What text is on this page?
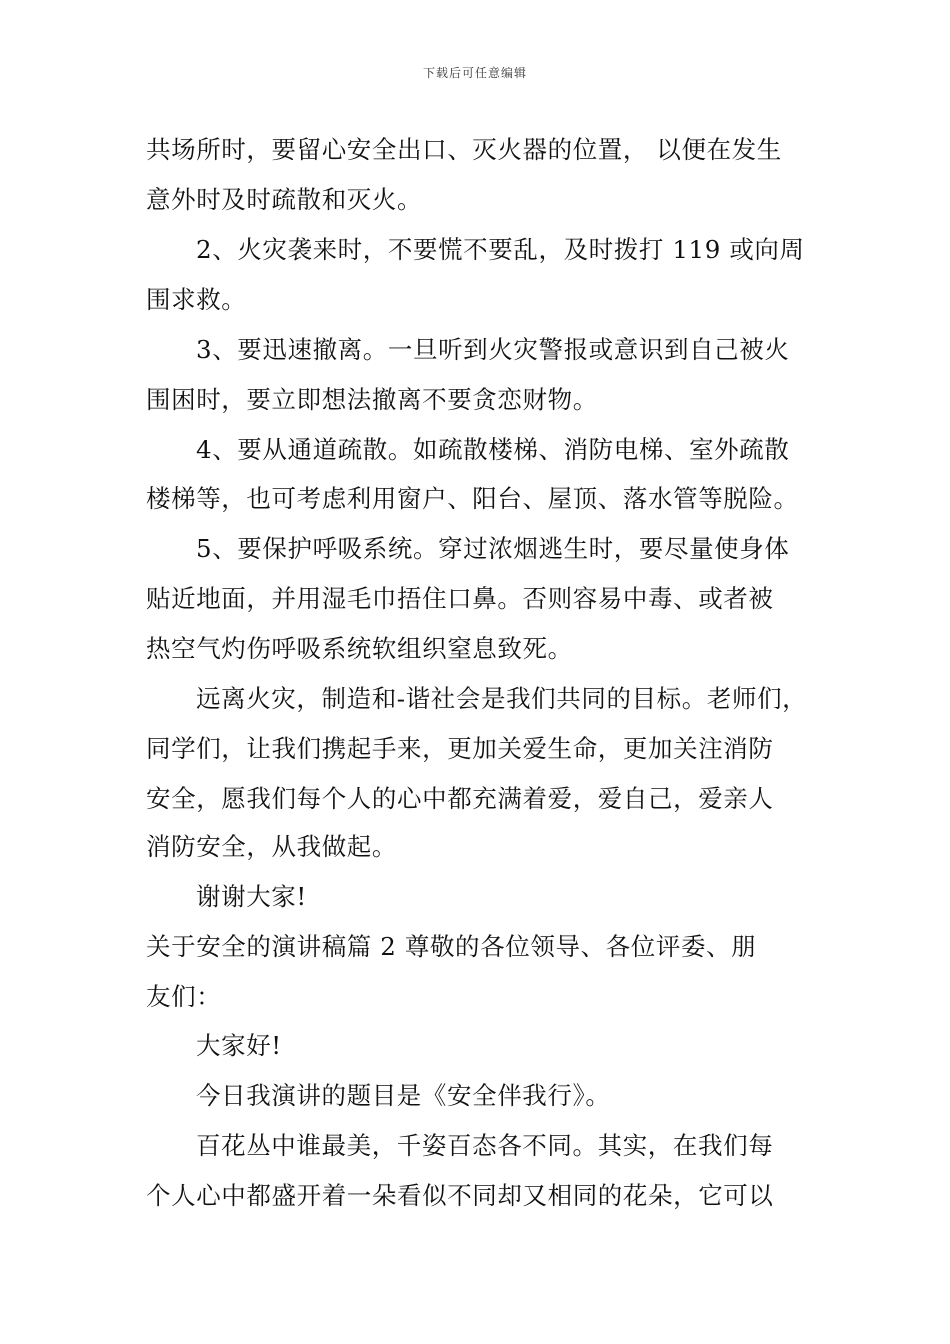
下载后可任意编辑
共场所时，要留心安全出口、灭火器的位置， 以便在发生
意外时及时疏散和灭火。
2、火灾袭来时，不要慌不要乱，及时拨打 119 或向周
围求救。
3、要迅速撤离。一旦听到火灾警报或意识到自己被火
围困时，要立即想法撤离不要贪恋财物。
4、要从通道疏散。如疏散楼梯、消防电梯、室外疏散
楼梯等，也可考虑利用窗户、阳台、屋顶、落水管等脱险。
5、要保护呼吸系统。穿过浓烟逃生时，要尽量使身体
贴近地面，并用湿毛巾捂住口鼻。否则容易中毒、或者被
热空气灼伤呼吸系统软组织窒息致死。
远离火灾，制造和-谐社会是我们共同的目标。老师们，
同学们，让我们携起手来，更加关爱生命，更加关注消防
安全，愿我们每个人的心中都充满着爱，爱自己，爱亲人
消防安全，从我做起。
谢谢大家!
关于安全的演讲稿篇 2 尊敬的各位领导、各位评委、朋
友们：
大家好!
今日我演讲的题目是《安全伴我行》。
百花丛中谁最美，千姿百态各不同。其实，在我们每
个人心中都盛开着一朵看似不同却又相同的花朵，它可以
